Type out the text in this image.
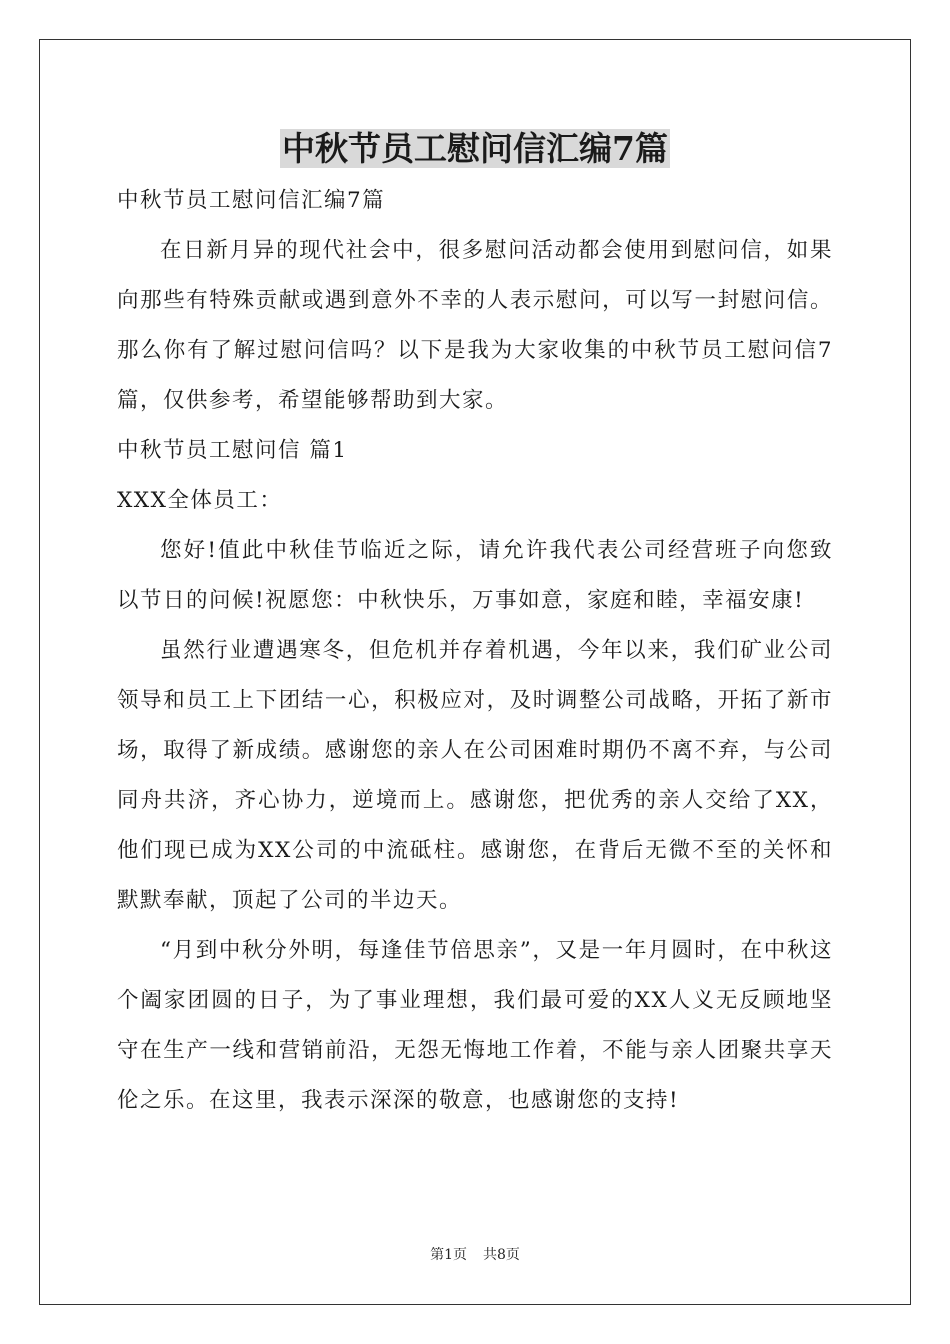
中秋节员工慰问信汇编7篇

中秋节员工慰问信汇编7篇

在日新月异的现代社会中，很多慰问活动都会使用到慰问信，如果向那些有特殊贡献或遇到意外不幸的人表示慰问，可以写一封慰问信。那么你有了解过慰问信吗？以下是我为大家收集的中秋节员工慰问信7篇，仅供参考，希望能够帮助到大家。

中秋节员工慰问信 篇1

XXX全体员工：

您好!值此中秋佳节临近之际，请允许我代表公司经营班子向您致以节日的问候!祝愿您：中秋快乐，万事如意，家庭和睦，幸福安康!

虽然行业遭遇寒冬，但危机并存着机遇，今年以来，我们矿业公司领导和员工上下团结一心，积极应对，及时调整公司战略，开拓了新市场，取得了新成绩。感谢您的亲人在公司困难时期仍不离不弃，与公司同舟共济，齐心协力，逆境而上。感谢您，把优秀的亲人交给了XX，他们现已成为XX公司的中流砥柱。感谢您，在背后无微不至的关怀和默默奉献，顶起了公司的半边天。

“月到中秋分外明，每逢佳节倍思亲”，又是一年月圆时，在中秋这个阖家团圆的日子，为了事业理想，我们最可爱的XX人义无反顾地坚守在生产一线和营销前沿，无怨无悔地工作着，不能与亲人团聚共享天伦之乐。在这里，我表示深深的敬意，也感谢您的支持!

第1页 共8页
